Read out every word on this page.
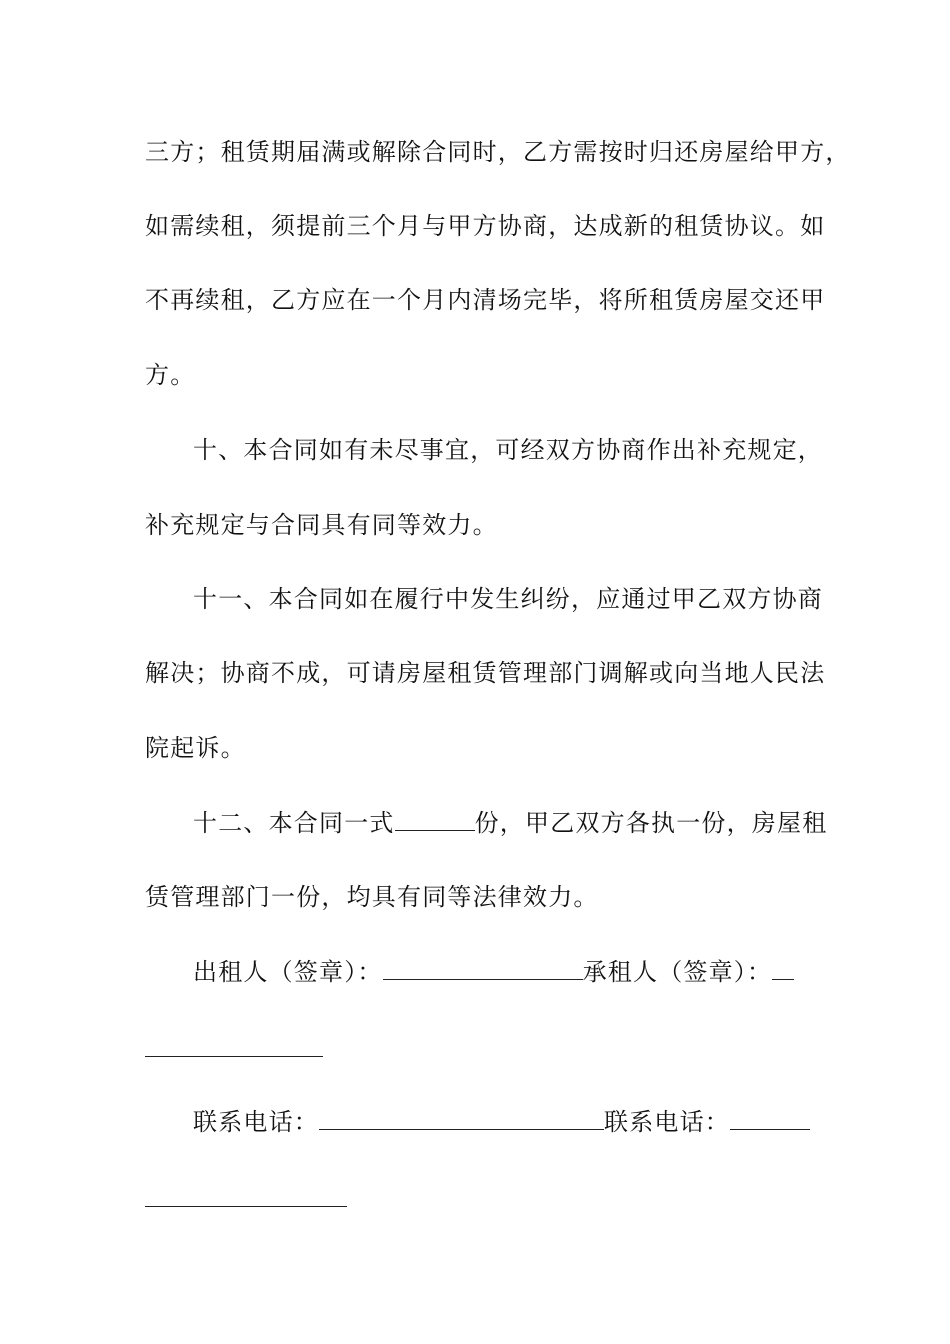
三方；租赁期届满或解除合同时，乙方需按时归还房屋给甲方，
如需续租，须提前三个月与甲方协商，达成新的租赁协议。如
不再续租，乙方应在一个月内清场完毕，将所租赁房屋交还甲
方。
十、本合同如有未尽事宜，可经双方协商作出补充规定，
补充规定与合同具有同等效力。
十一、本合同如在履行中发生纠纷，应通过甲乙双方协商
解决；协商不成，可请房屋租赁管理部门调解或向当地人民法
院起诉。
十二、本合同一式	份，甲乙双方各执一份，房屋租
赁管理部门一份，均具有同等法律效力。
出租人（签章）：	承租人（签章）：
联系电话：	联系电话：
